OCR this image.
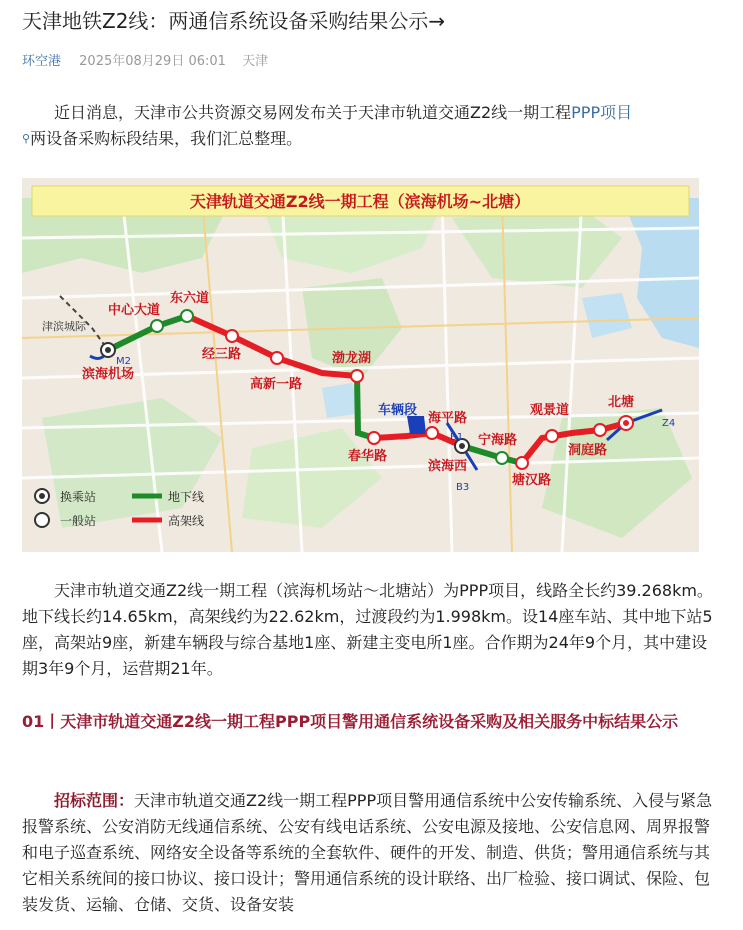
天津地铁Z2线：两通信系统设备采购结果公示→
环空港 2025年08月29日 06:01 天津

近日消息，天津市公共资源交易网发布关于天津市轨道交通Z2线一期工程PPP项目
⚲两设备采购标段结果，我们汇总整理。

天津轨道交通Z2线一期工程（滨海机场~北塘）
滨海机场
中心大道
东六道
经三路
高新一路
渤龙湖
春华路
海平路
滨海西
宁海路
塘汉路
观景道
洞庭路
北塘
车辆段
津滨城际
M2
B1
B3
Z4
换乘站
一般站
地下线
高架线

天津市轨道交通Z2线一期工程（滨海机场站～北塘站）为PPP项目，线路全长约39.268km。地下线长约14.65km，高架线约为22.62km，过渡段约为1.998km。设14座车站、其中地下站5座，高架站9座，新建车辆段与综合基地1座、新建主变电所1座。合作期为24年9个月，其中建设期3年9个月，运营期21年。

01丨天津市轨道交通Z2线一期工程PPP项目警用通信系统设备采购及相关服务中标结果公示

招标范围：天津市轨道交通Z2线一期工程PPP项目警用通信系统中公安传输系统、入侵与紧急报警系统、公安消防无线通信系统、公安有线电话系统、公安电源及接地、公安信息网、周界报警和电子巡查系统、网络安全设备等系统的全套软件、硬件的开发、制造、供货；警用通信系统与其它相关系统间的接口协议、接口设计；警用通信系统的设计联络、出厂检验、接口调试、保险、包装发货、运输、仓储、交货、设备安装
